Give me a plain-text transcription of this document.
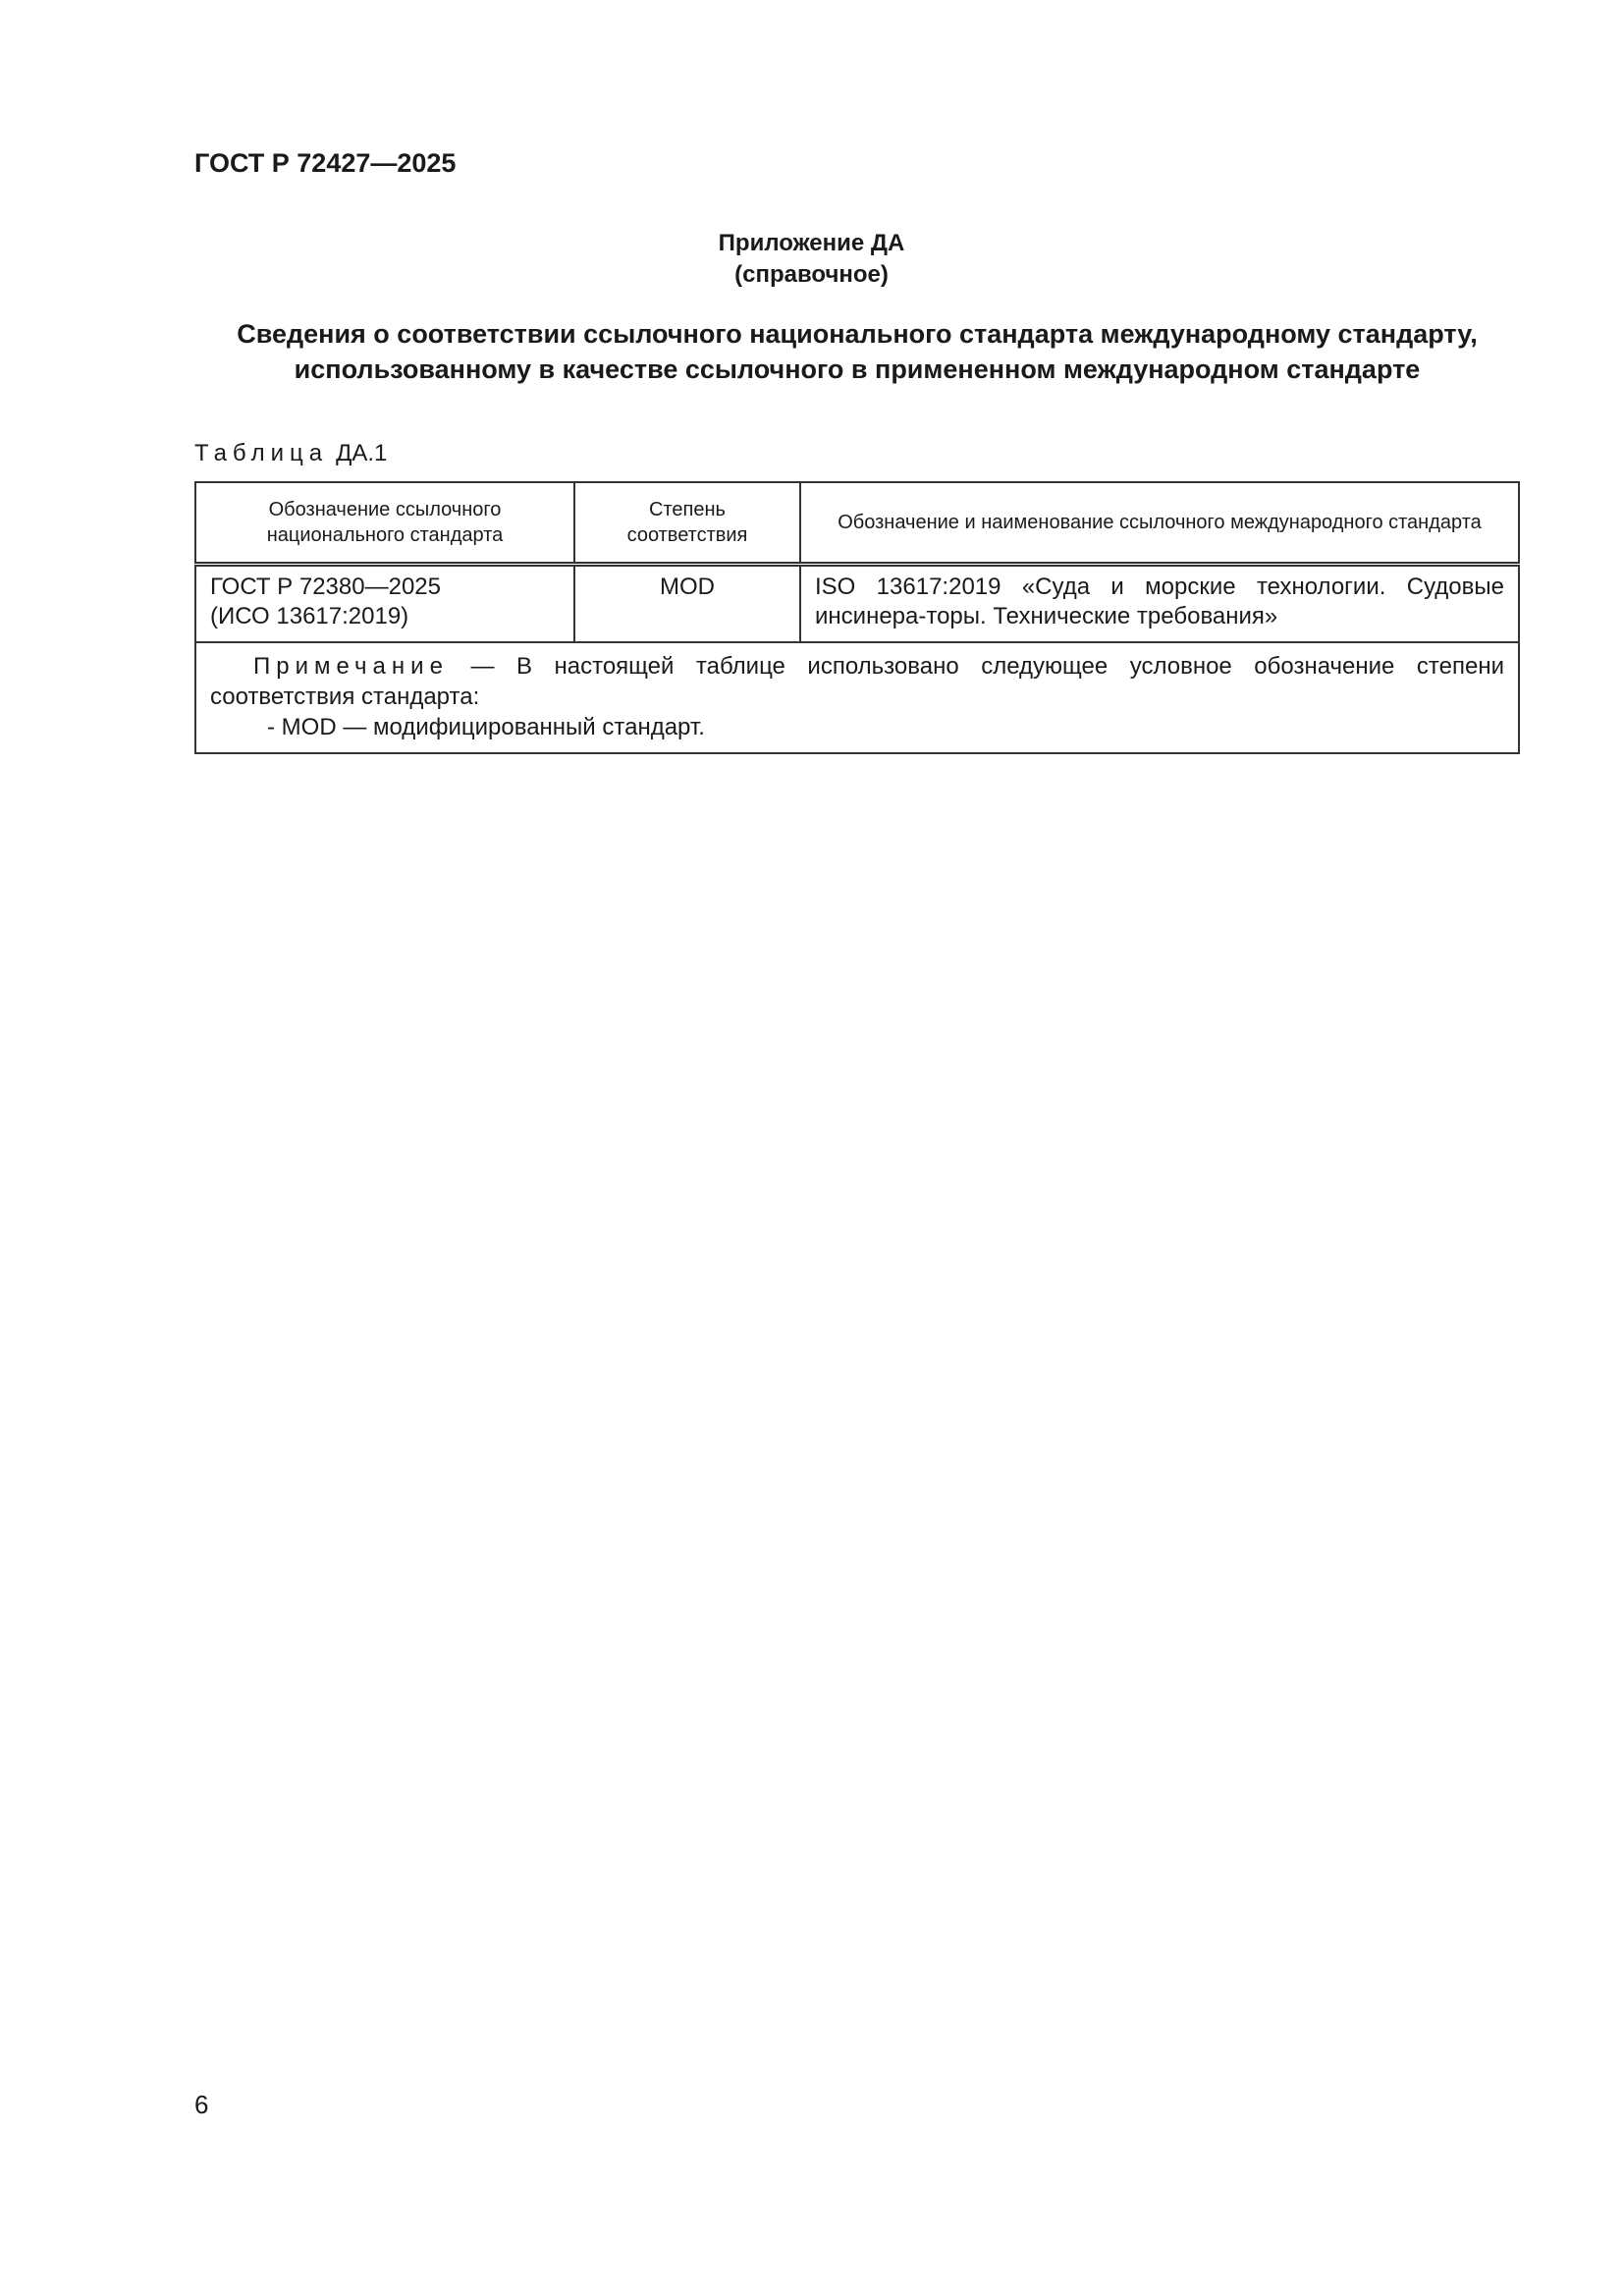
ГОСТ Р 72427—2025
Приложение ДА
(справочное)
Сведения о соответствии ссылочного национального стандарта международному стандарту,
использованному в качестве ссылочного в примененном международном стандарте
Таблица ДА.1
Обозначение ссылочного национального стандарта	Степень соответствия	Обозначение и наименование ссылочного международного стандарта

ГОСТ Р 72380—2025
(ИСО 13617:2019)	MOD	ISO 13617:2019 «Суда и морские технологии. Судовые инсинера-торы. Технические требования»
Примечание — В настоящей таблице использовано следующее условное обозначение степени соответствия стандарта:
- MOD — модифицированный стандарт.		
6
